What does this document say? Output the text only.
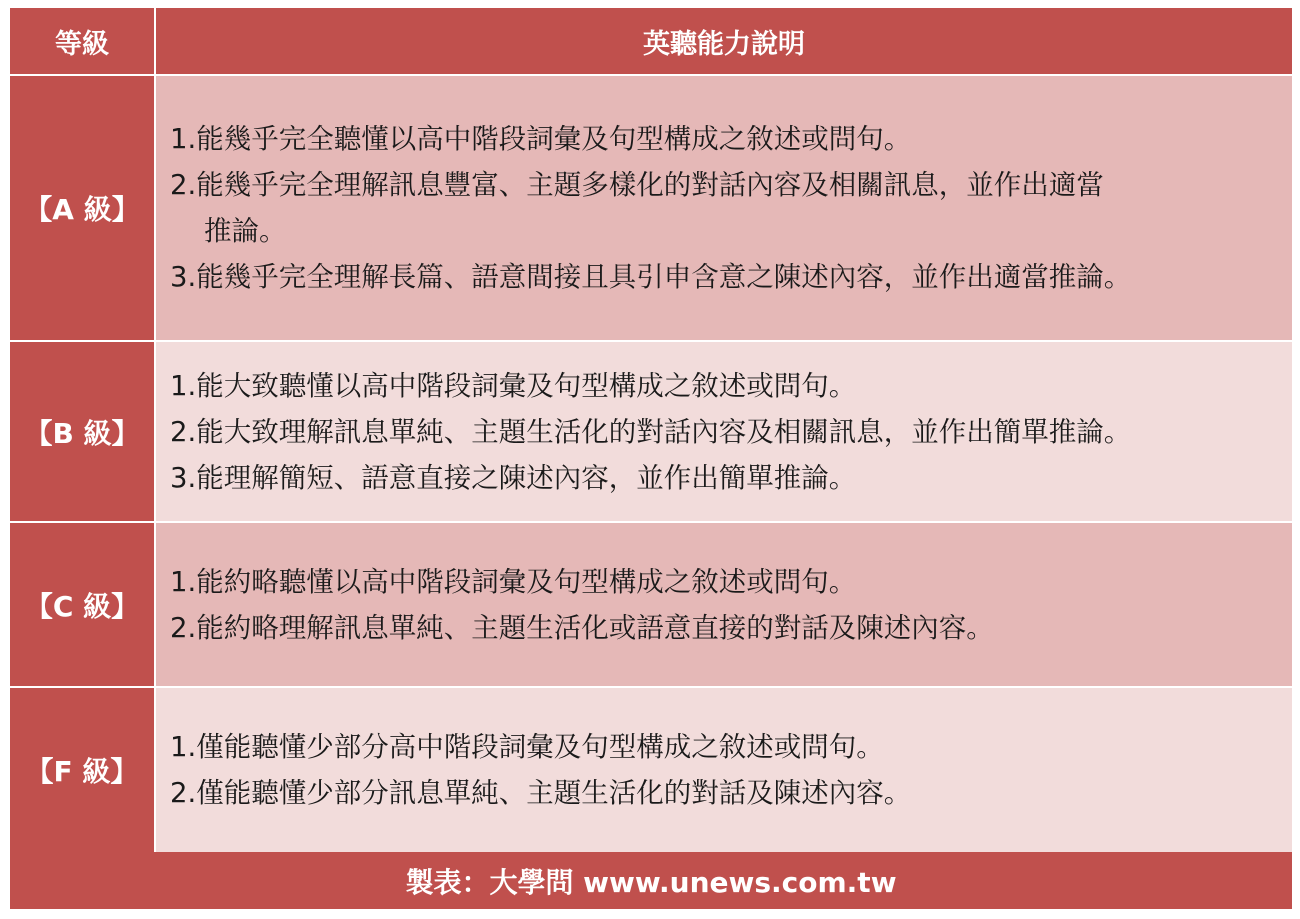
等級	英聽能力說明
【A 級】
1.能幾乎完全聽懂以高中階段詞彙及句型構成之敘述或問句。
2.能幾乎完全理解訊息豐富、主題多樣化的對話內容及相關訊息，並作出適當
推論。
3.能幾乎完全理解長篇、語意間接且具引申含意之陳述內容，並作出適當推論。
【B 級】
1.能大致聽懂以高中階段詞彙及句型構成之敘述或問句。
2.能大致理解訊息單純、主題生活化的對話內容及相關訊息，並作出簡單推論。
3.能理解簡短、語意直接之陳述內容，並作出簡單推論。
【C 級】
1.能約略聽懂以高中階段詞彙及句型構成之敘述或問句。
2.能約略理解訊息單純、主題生活化或語意直接的對話及陳述內容。
【F 級】
1.僅能聽懂少部分高中階段詞彙及句型構成之敘述或問句。
2.僅能聽懂少部分訊息單純、主題生活化的對話及陳述內容。
製表：大學問 www.unews.com.tw
